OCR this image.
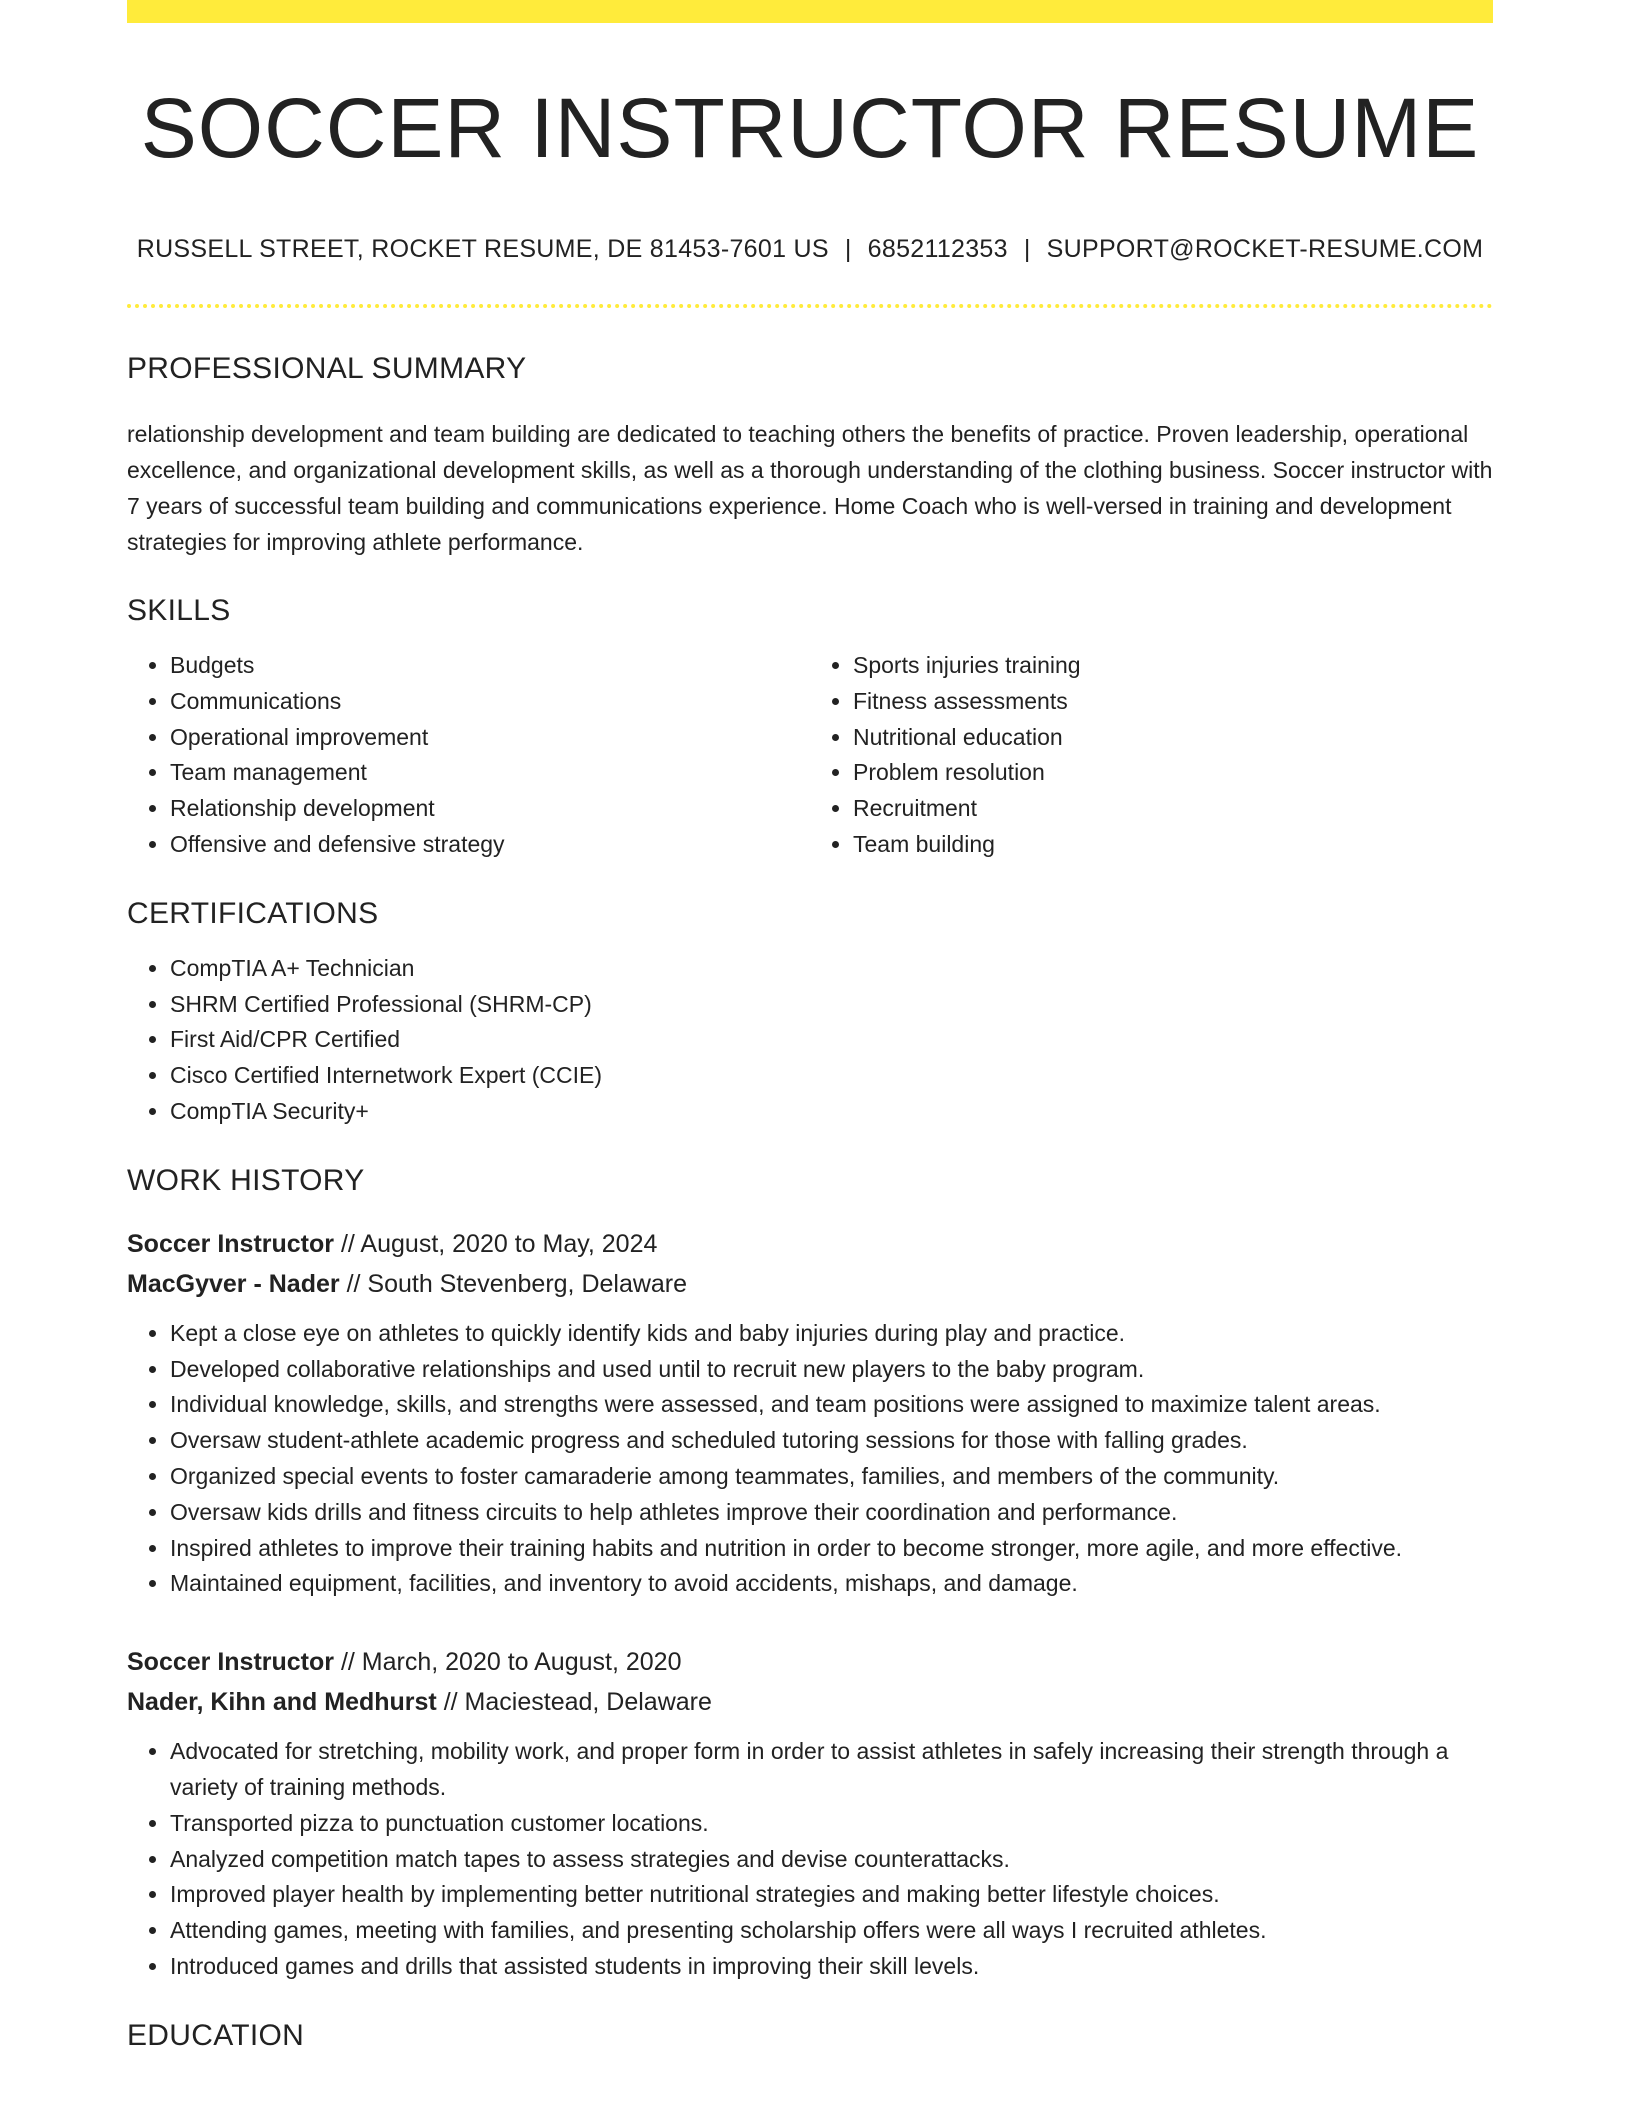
SOCCER INSTRUCTOR RESUME
RUSSELL STREET, ROCKET RESUME, DE 81453-7601 US | 6852112353 | SUPPORT@ROCKET-RESUME.COM
PROFESSIONAL SUMMARY

relationship development and team building are dedicated to teaching others the benefits of practice. Proven leadership, operational excellence, and organizational development skills, as well as a thorough understanding of the clothing business. Soccer instructor with 7 years of successful team building and communications experience. Home Coach who is well-versed in training and development strategies for improving athlete performance.

SKILLS
• Budgets
• Communications
• Operational improvement
• Team management
• Relationship development
• Offensive and defensive strategy
• Sports injuries training
• Fitness assessments
• Nutritional education
• Problem resolution
• Recruitment
• Team building
CERTIFICATIONS
• CompTIA A+ Technician
• SHRM Certified Professional (SHRM-CP)
• First Aid/CPR Certified
• Cisco Certified Internetwork Expert (CCIE)
• CompTIA Security+
WORK HISTORY
Soccer Instructor // August, 2020 to May, 2024
MacGyver - Nader // South Stevenberg, Delaware
• Kept a close eye on athletes to quickly identify kids and baby injuries during play and practice.
• Developed collaborative relationships and used until to recruit new players to the baby program.
• Individual knowledge, skills, and strengths were assessed, and team positions were assigned to maximize talent areas.
• Oversaw student-athlete academic progress and scheduled tutoring sessions for those with falling grades.
• Organized special events to foster camaraderie among teammates, families, and members of the community.
• Oversaw kids drills and fitness circuits to help athletes improve their coordination and performance.
• Inspired athletes to improve their training habits and nutrition in order to become stronger, more agile, and more effective.
• Maintained equipment, facilities, and inventory to avoid accidents, mishaps, and damage.
Soccer Instructor // March, 2020 to August, 2020
Nader, Kihn and Medhurst // Maciestead, Delaware
• Advocated for stretching, mobility work, and proper form in order to assist athletes in safely increasing their strength through a variety of training methods.
• Transported pizza to punctuation customer locations.
• Analyzed competition match tapes to assess strategies and devise counterattacks.
• Improved player health by implementing better nutritional strategies and making better lifestyle choices.
• Attending games, meeting with families, and presenting scholarship offers were all ways I recruited athletes.
• Introduced games and drills that assisted students in improving their skill levels.
EDUCATION
